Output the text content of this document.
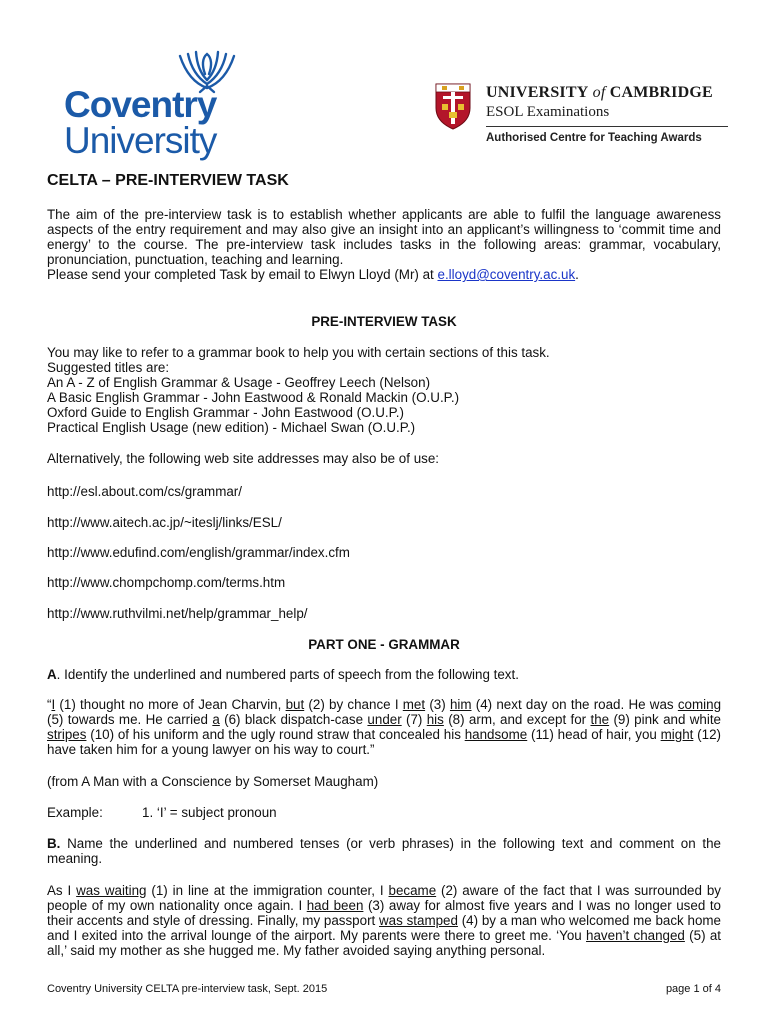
Coventry
University
UNIVERSITY of CAMBRIDGE
ESOL Examinations
Authorised Centre for Teaching Awards
CELTA – PRE-INTERVIEW TASK

The aim of the pre-interview task is to establish whether applicants are able to fulfil the language awareness aspects of the entry requirement and may also give an insight into an applicant’s willingness to ‘commit time and energy’ to the course. The pre-interview task includes tasks in the following areas: grammar, vocabulary, pronunciation, punctuation, teaching and learning.

Please send your completed Task by email to Elwyn Lloyd (Mr) at e.lloyd@coventry.ac.uk.

PRE-INTERVIEW TASK

You may like to refer to a grammar book to help you with certain sections of this task.

Suggested titles are:

An A - Z of English Grammar & Usage - Geoffrey Leech (Nelson)

A Basic English Grammar - John Eastwood & Ronald Mackin (O.U.P.)

Oxford Guide to English Grammar - John Eastwood (O.U.P.)

Practical English Usage (new edition) - Michael Swan (O.U.P.)

Alternatively, the following web site addresses may also be of use:

http://esl.about.com/cs/grammar/

http://www.aitech.ac.jp/~iteslj/links/ESL/

http://www.edufind.com/english/grammar/index.cfm

http://www.chompchomp.com/terms.htm

http://www.ruthvilmi.net/help/grammar_help/

PART ONE - GRAMMAR

A. Identify the underlined and numbered parts of speech from the following text.

“I (1) thought no more of Jean Charvin, but (2) by chance I met (3) him (4) next day on the road. He was coming (5) towards me. He carried a (6) black dispatch-case under (7) his (8) arm, and except for the (9) pink and white stripes (10) of his uniform and the ugly round straw that concealed his handsome (11) head of hair, you might (12) have taken him for a young lawyer on his way to court.”

(from A Man with a Conscience by Somerset Maugham)

Example:	1. ‘I’ = subject pronoun

B. Name the underlined and numbered tenses (or verb phrases) in the following text and comment on the meaning.

As I was waiting (1) in line at the immigration counter, I became (2) aware of the fact that I was surrounded by people of my own nationality once again. I had been (3) away for almost five years and I was no longer used to their accents and style of dressing. Finally, my passport was stamped (4) by a man who welcomed me back home and I exited into the arrival lounge of the airport. My parents were there to greet me. ‘You haven’t changed (5) at all,’ said my mother as she hugged me. My father avoided saying anything personal.

Coventry University CELTA pre-interview task, Sept. 2015	page 1 of 4
